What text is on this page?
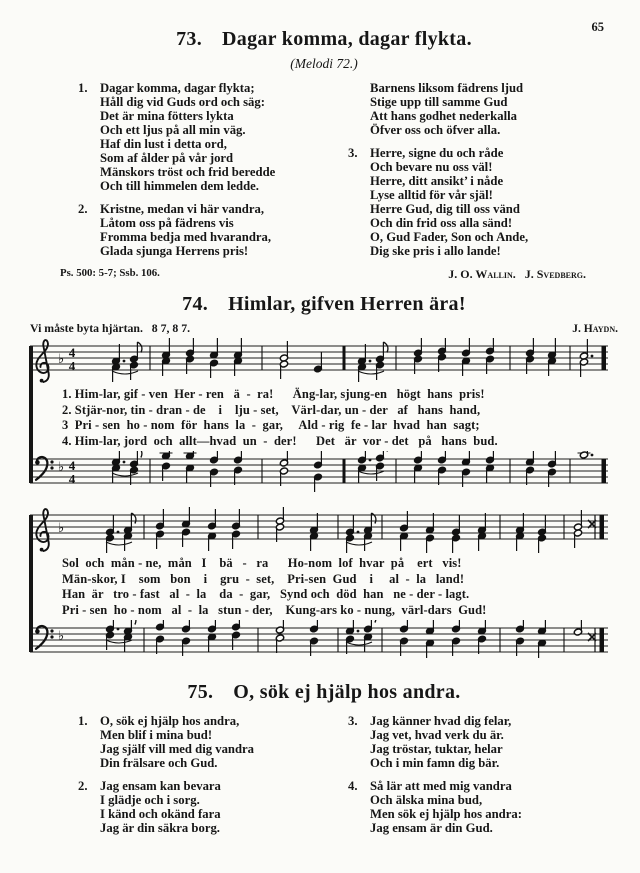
65
73. Dagar komma, dagar flykta.
(Melodi 72.)
1. Dagar komma, dagar flykta;
Håll dig vid Guds ord och säg:
Det är mina fötters lykta
Och ett ljus på all min väg.
Haf din lust i detta ord,
Som af ålder på vår jord
Mänskors tröst och frid beredde
Och till himmelen dem ledde.
2. Kristne, medan vi här vandra,
Låtom oss på fädrens vis
Fromma bedja med hvarandra,
Glada sjunga Herrens pris!
Ps. 500: 5-7; Ssb. 106.
Barnens liksom fädrens ljud
Stige upp till samme Gud
Att hans godhet nederkalla
Öfver oss och öfver alla.
3. Herre, signe du och råde
Och bevare nu oss väl!
Herre, ditt ansikt’ i nåde
Lyse alltid för vår själ!
Herre Gud, dig till oss vänd
Och din frid oss alla sänd!
O, Gud Fader, Son och Ande,
Dig ske pris i allo lande!
J. O. Wallin.   J. Svedberg.
74. Himlar, gifven Herren ära!
Vi måste byta hjärtan.   8 7, 8 7.	J. Haydn.
♭ 4
4
1. Him-lar, gif - ven  Her - ren   ä  -  ra!      Äng-lar, sjung-en   högt  hans  pris!
2. Stjär-nor, tin - dran - de    i    lju - set,    Värl-dar, un - der   af   hans  hand,
3  Pri - sen  ho - nom  för  hans  la  -  gar,     Ald - rig  fe - lar  hvad  han  sagt;
4. Him-lar, jord  och  allt—hvad  un  -  der!      Det   är  vor - det   på   hans  bud.
♭ 4
4
♭
Sol  och  mån - ne,  mån   I    bä   -   ra      Ho-nom  lof  hvar  på    ert   vis!
Män-skor, I    som   bon    i    gru  -  set,    Pri-sen  Gud    i     al  -  la   land!
Han  är   tro - fast   al  -  la    da  -  gar,   Synd och  död  han   ne - der - lagt.
Pri - sen  ho - nom   al  -  la   stun - der,    Kung-ars ko - nung,  värl-dars  Gud!
♭
75. O, sök ej hjälp hos andra.
1. O, sök ej hjälp hos andra,
Men blif i mina bud!
Jag själf vill med dig vandra
Din frälsare och Gud.
2. Jag ensam kan bevara
I glädje och i sorg.
I känd och okänd fara
Jag är din säkra borg.
3. Jag känner hvad dig felar,
Jag vet, hvad verk du är.
Jag tröstar, tuktar, helar
Och i min famn dig bär.
4. Så lär att med mig vandra
Och älska mina bud,
Men sök ej hjälp hos andra:
Jag ensam är din Gud.
